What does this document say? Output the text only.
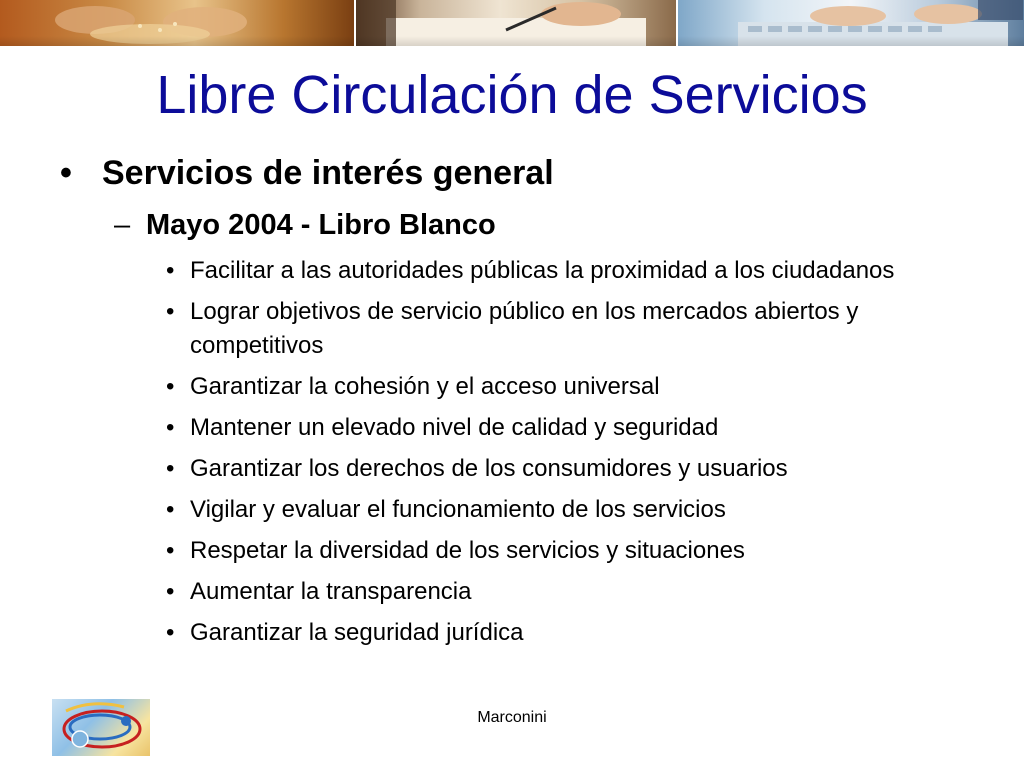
Libre Circulación de Servicios
• Servicios de interés general
– Mayo 2004 - Libro Blanco
• Facilitar a las autoridades públicas la proximidad a los ciudadanos
• Lograr objetivos de servicio público en los mercados abiertos y competitivos
• Garantizar la cohesión y el acceso universal
• Mantener un elevado nivel de calidad y seguridad
• Garantizar los derechos de los consumidores y usuarios
• Vigilar y evaluar el funcionamiento de los servicios
• Respetar la diversidad de los servicios y situaciones
• Aumentar la transparencia
• Garantizar la seguridad jurídica
Marconini
